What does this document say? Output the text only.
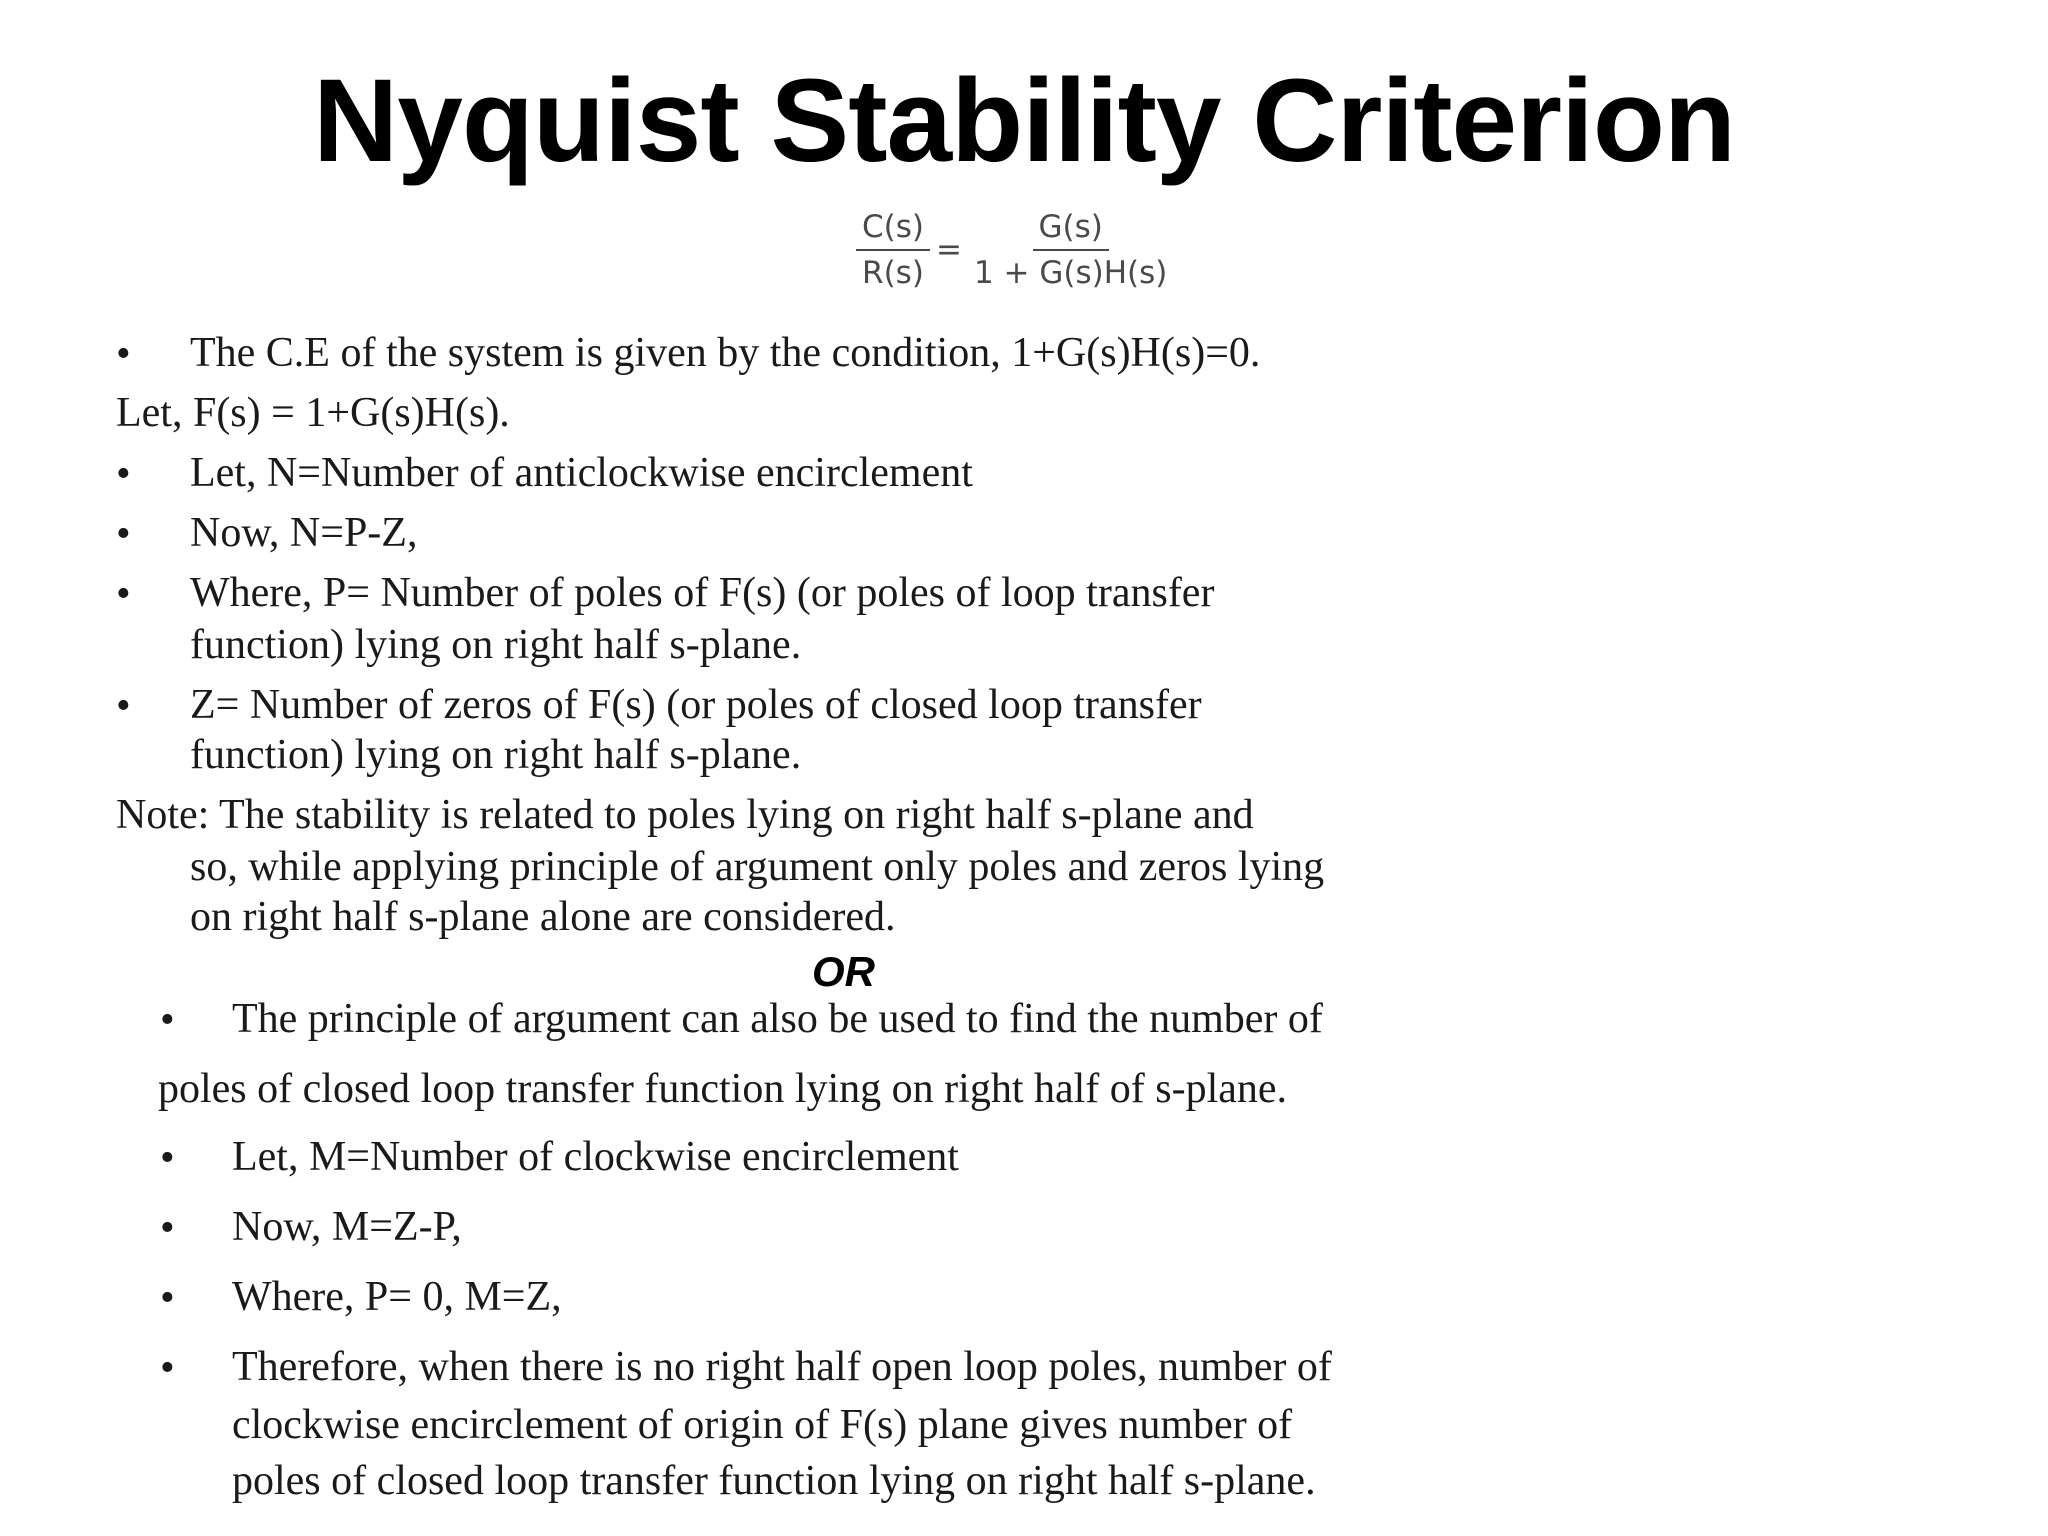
Nyquist Stability Criterion
$\frac{C(s)}{R(s)} = \frac{G(s)}{1 + G(s)H(s)}$
• The C.E of the system is given by the condition, 1+G(s)H(s)=0.
Let, F(s) = 1+G(s)H(s).
• Let, N=Number of anticlockwise encirclement
• Now, N=P-Z,
• Where, P= Number of poles of F(s) (or poles of loop transfer
function) lying on right half s-plane.
• Z= Number of zeros of F(s) (or poles of closed loop transfer
function) lying on right half s-plane.
Note: The stability is related to poles lying on right half s-plane and
so, while applying principle of argument only poles and zeros lying
on right half s-plane alone are considered.
OR
• The principle of argument can also be used to find the number of
poles of closed loop transfer function lying on right half of s-plane.
• Let, M=Number of clockwise encirclement
• Now, M=Z-P,
• Where, P= 0, M=Z,
• Therefore, when there is no right half open loop poles, number of
clockwise encirclement of origin of F(s) plane gives number of
poles of closed loop transfer function lying on right half s-plane.
